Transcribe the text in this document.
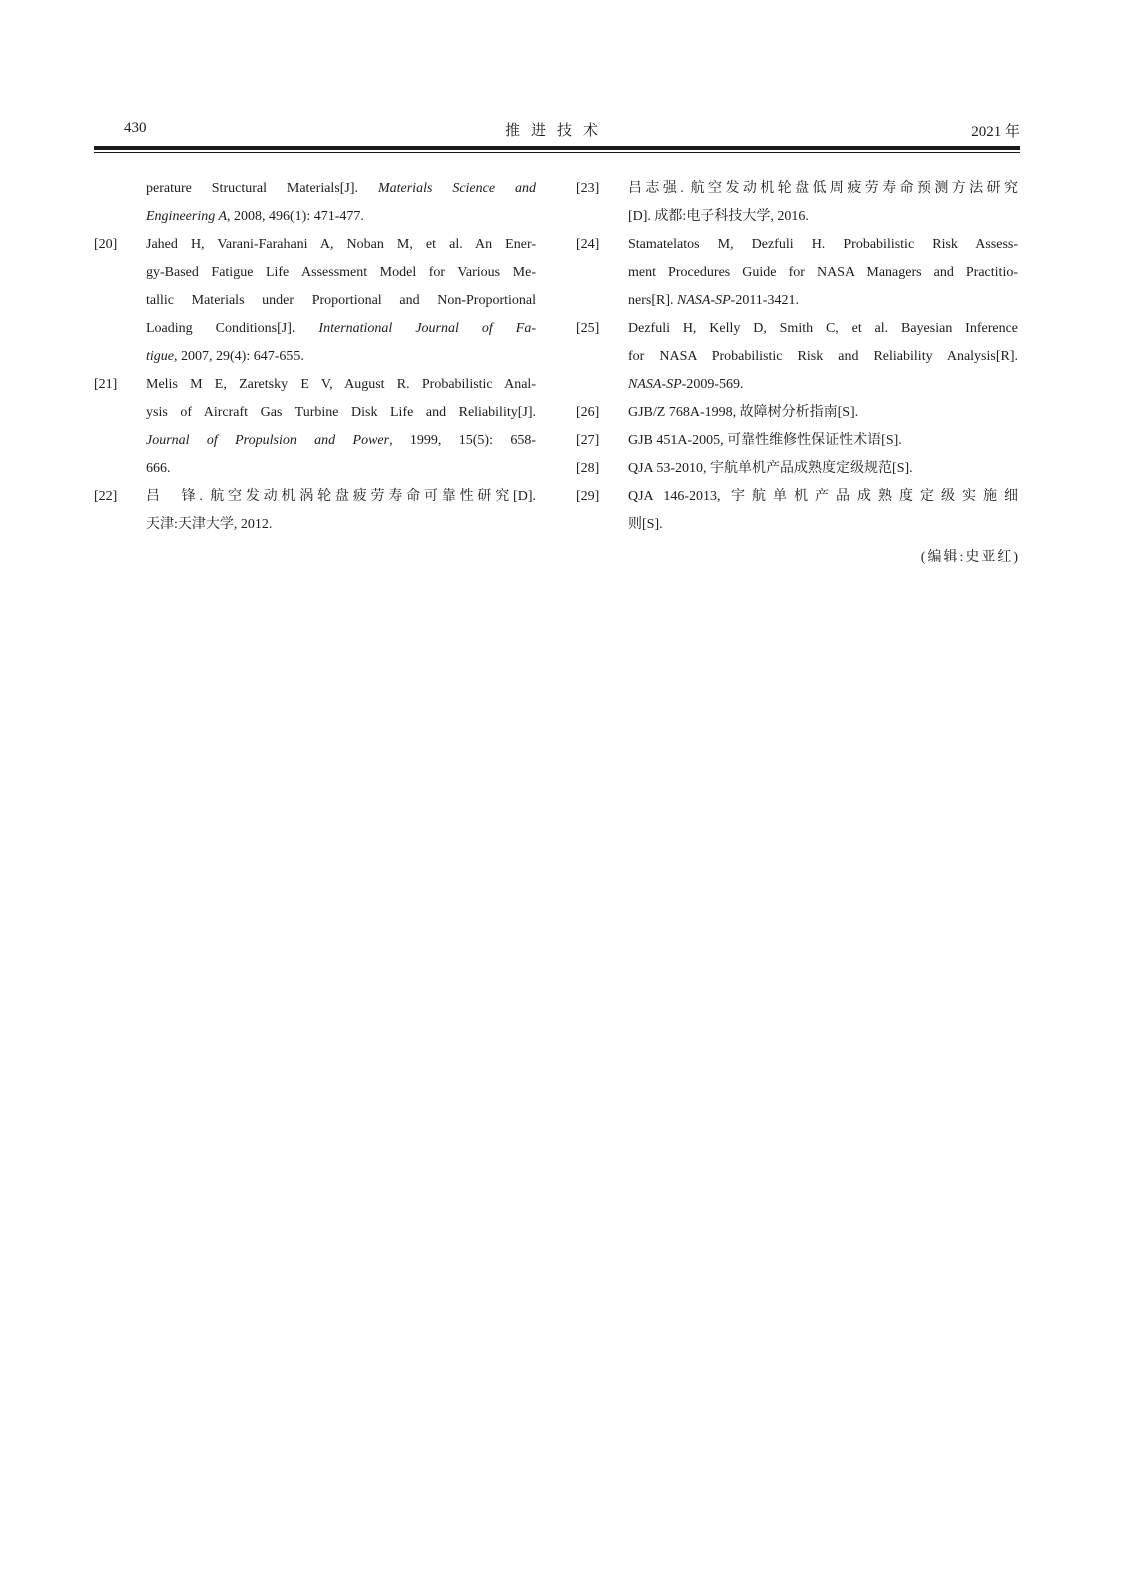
430	推进技术	2021 年
perature Structural Materials[J]. Materials Science and
Engineering A, 2008, 496(1): 471-477.
[20]	Jahed H, Varani-Farahani A, Noban M, et al. An Ener-
gy-Based Fatigue Life Assessment Model for Various Me-
tallic Materials under Proportional and Non-Proportional
Loading Conditions[J]. International Journal of Fa-
tigue, 2007, 29(4): 647-655.
[21]	Melis M E, Zaretsky E V, August R. Probabilistic Anal-
ysis of Aircraft Gas Turbine Disk Life and Reliability[J].
Journal of Propulsion and Power, 1999, 15(5): 658-
666.
[22]	吕　锋. 航空发动机涡轮盘疲劳寿命可靠性研究[D].
天津:天津大学, 2012.
[23]	吕志强. 航空发动机轮盘低周疲劳寿命预测方法研究
[D]. 成都:电子科技大学, 2016.
[24]	Stamatelatos M, Dezfuli H. Probabilistic Risk Assess-
ment Procedures Guide for NASA Managers and Practitio-
ners[R]. NASA-SP-2011-3421.
[25]	Dezfuli H, Kelly D, Smith C, et al. Bayesian Inference
for NASA Probabilistic Risk and Reliability Analysis[R].
NASA-SP-2009-569.
[26]	GJB/Z 768A-1998, 故障树分析指南[S].
[27]	GJB 451A-2005, 可靠性维修性保证性术语[S].
[28]	QJA 53-2010, 宇航单机产品成熟度定级规范[S].
[29]	QJA 146-2013, 宇航单机产品成熟度定级实施细
则[S].
(编辑:史亚红)
